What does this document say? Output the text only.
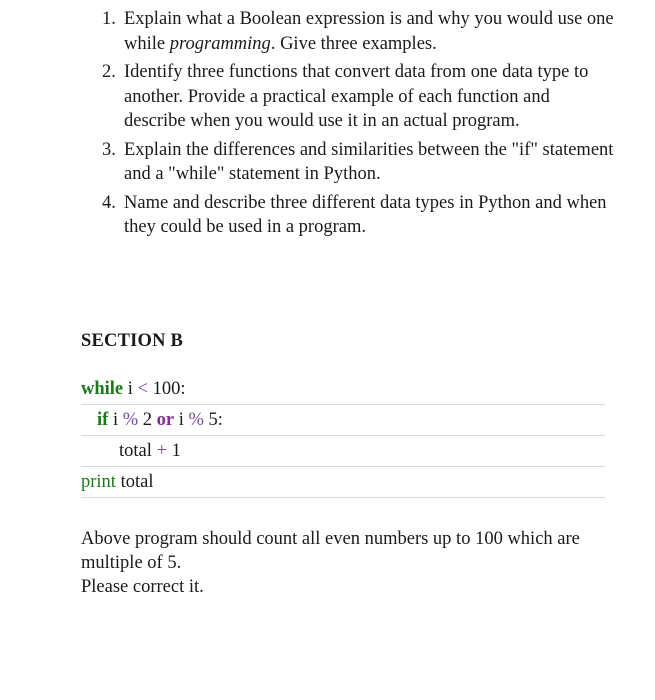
1. Explain what a Boolean expression is and why you would use one while programming. Give three examples.
2. Identify three functions that convert data from one data type to another. Provide a practical example of each function and describe when you would use it in an actual program.
3. Explain the differences and similarities between the "if" statement and a "while" statement in Python.
4. Name and describe three different data types in Python and when they could be used in a program.
SECTION B
while i < 100:
if i % 2 or i % 5:
total + 1
print total
Above program should count all even numbers up to 100 which are multiple of 5.
Please correct it.
